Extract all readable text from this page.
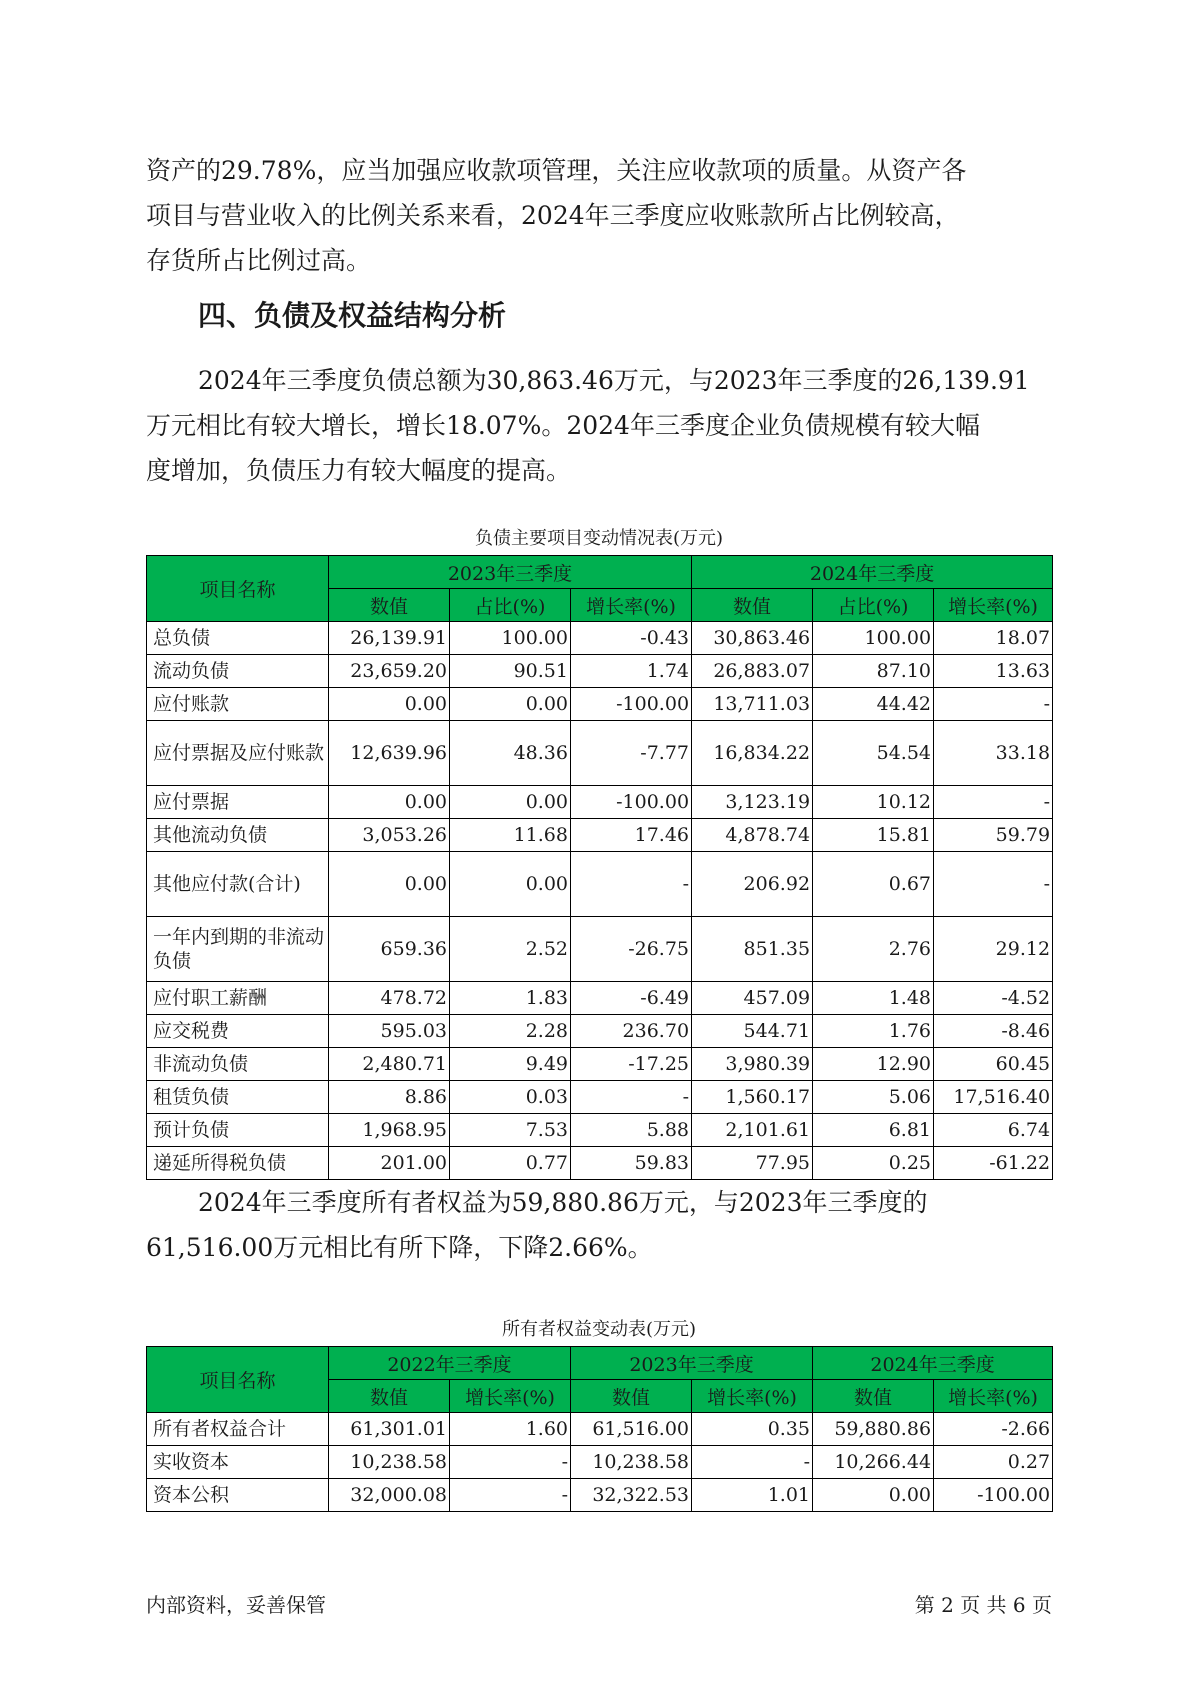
资产的29.78%，应当加强应收款项管理，关注应收款项的质量。从资产各
项目与营业收入的比例关系来看，2024年三季度应收账款所占比例较高，
存货所占比例过高。

四、负债及权益结构分析

2024年三季度负债总额为30,863.46万元，与2023年三季度的26,139.91
万元相比有较大增长，增长18.07%。2024年三季度企业负债规模有较大幅
度增加，负债压力有较大幅度的提高。

负债主要项目变动情况表(万元)
项目名称	2023年三季度			2024年三季度		
	数值	占比(%)	增长率(%)	数值	占比(%)	增长率(%)
总负债	26,139.91	100.00	-0.43	30,863.46	100.00	18.07
流动负债	23,659.20	90.51	1.74	26,883.07	87.10	13.63
应付账款	0.00	0.00	-100.00	13,711.03	44.42	-
应付票据及应付账款	12,639.96	48.36	-7.77	16,834.22	54.54	33.18
应付票据	0.00	0.00	-100.00	3,123.19	10.12	-
其他流动负债	3,053.26	11.68	17.46	4,878.74	15.81	59.79
其他应付款(合计)	0.00	0.00	-	206.92	0.67	-
一年内到期的非流动负债	659.36	2.52	-26.75	851.35	2.76	29.12
应付职工薪酬	478.72	1.83	-6.49	457.09	1.48	-4.52
应交税费	595.03	2.28	236.70	544.71	1.76	-8.46
非流动负债	2,480.71	9.49	-17.25	3,980.39	12.90	60.45
租赁负债	8.86	0.03	-	1,560.17	5.06	17,516.40
预计负债	1,968.95	7.53	5.88	2,101.61	6.81	6.74
递延所得税负债	201.00	0.77	59.83	77.95	0.25	-61.22

2024年三季度所有者权益为59,880.86万元，与2023年三季度的
61,516.00万元相比有所下降，下降2.66%。

所有者权益变动表(万元)
项目名称	2022年三季度		2023年三季度		2024年三季度	
	数值	增长率(%)	数值	增长率(%)	数值	增长率(%)
所有者权益合计	61,301.01	1.60	61,516.00	0.35	59,880.86	-2.66
实收资本	10,238.58	-	10,238.58	-	10,266.44	0.27
资本公积	32,000.08	-	32,322.53	1.01	0.00	-100.00
内部资料，妥善保管	第 2 页 共 6 页
